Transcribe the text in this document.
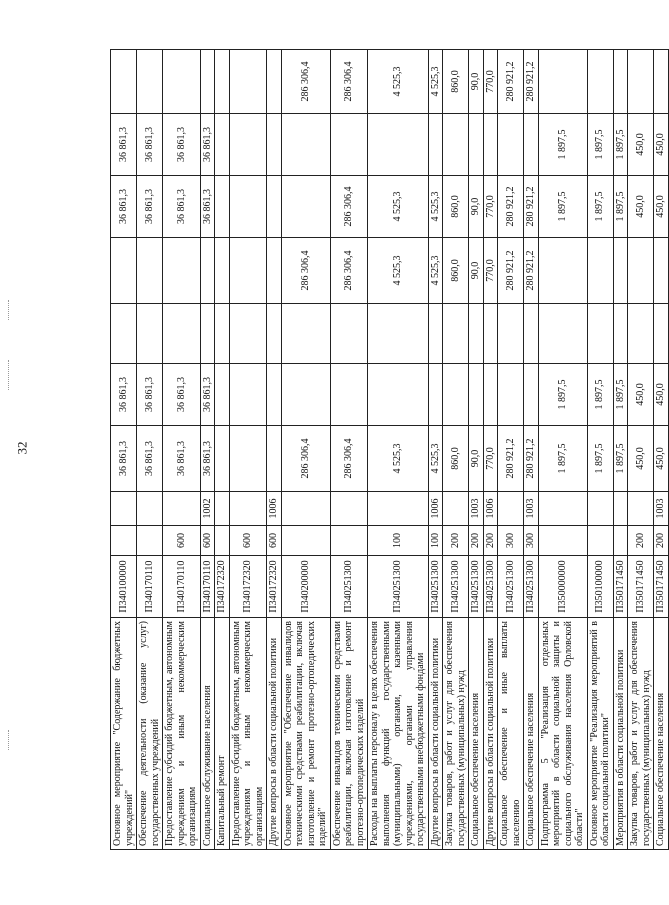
32
Основное мероприятие "Содержание бюджетных учреждений"	П340100000			36 861,3	36 861,3			36 861,3	36 861,3	
Обеспечение деятельности (оказание услуг) государственных учреждений	П340170110			36 861,3	36 861,3			36 861,3	36 861,3	
Предоставление субсидий бюджетным, автономным учреждениям и иным некоммерческим организациям	П340170110	600		36 861,3	36 861,3			36 861,3	36 861,3	
Социальное обслуживание населения	П340170110	600	1002	36 861,3	36 861,3			36 861,3	36 861,3	
Капитальный ремонт	П340172320									
Предоставление субсидий бюджетным, автономным учреждениям и иным некоммерческим организациям	П340172320	600								
Другие вопросы в области социальной политики	П340172320	600	1006							
Основное мероприятие "Обеспечение инвалидов техническими средствами реабилитации, включая изготовление и ремонт протезно-ортопедических изделий"	П340200000			286 306,4			286 306,4			286 306,4
Обеспечение инвалидов техническими средствами реабилитации, включая изготовление и ремонт протезно-ортопедических изделий	П340251300			286 306,4			286 306,4	286 306,4		286 306,4
Расходы на выплаты персоналу в целях обеспечения выполнения функций государственными (муниципальными) органами, казенными учреждениями, органами управления государственными внебюджетными фондами	П340251300	100		4 525,3			4 525,3	4 525,3		4 525,3
Другие вопросы в области социальной политики	П340251300	100	1006	4 525,3			4 525,3	4 525,3		4 525,3
Закупка товаров, работ и услуг для обеспечения государственных (муниципальных) нужд	П340251300	200		860,0			860,0	860,0		860,0
Социальное обеспечение населения	П340251300	200	1003	90,0			90,0	90,0		90,0
Другие вопросы в области социальной политики	П340251300	200	1006	770,0			770,0	770,0		770,0
Социальное обеспечение и иные выплаты населению	П340251300	300		280 921,2			280 921,2	280 921,2		280 921,2
Социальное обеспечение населения	П340251300	300	1003	280 921,2			280 921,2	280 921,2		280 921,2
Подпрограмма 5 "Реализация отдельных мероприятий в области социальной защиты и социального обслуживания населения Орловской области"	П350000000			1 897,5	1 897,5			1 897,5	1 897,5	
Основное мероприятие "Реализация мероприятий в области социальной политики"	П350100000			1 897,5	1 897,5			1 897,5	1 897,5	
Мероприятия в области социальной политики	П350171450			1 897,5	1 897,5			1 897,5	1 897,5	
Закупка товаров, работ и услуг для обеспечения государственных (муниципальных) нужд	П350171450	200		450,0	450,0			450,0	450,0	
Социальное обеспечение населения	П350171450	200	1003	450,0	450,0			450,0	450,0	
